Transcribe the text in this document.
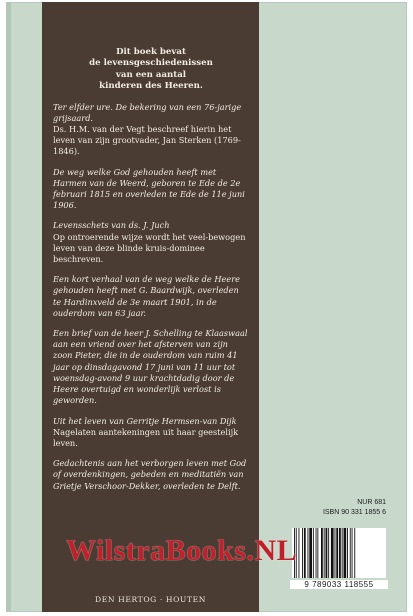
Dit boek bevat
de levensgeschiedenissen
van een aantal
kinderen des Heeren.
Ter elfder ure. De bekering van een 76-jarige grijsaard.
Ds. H.M. van der Vegt beschreef hierin het leven van zijn grootvader, Jan Sterken (1769-1846).
De weg welke God gehouden heeft met Harmen van de Weerd, geboren te Ede de 2e februari 1815 en overleden te Ede de 11e juni 1906.
Levensschets van ds. J. Juch
Op ontroerende wijze wordt het veel-bewogen leven van deze blinde kruis-dominee beschreven.
Een kort verhaal van de weg welke de Heere gehouden heeft met G. Baardwijk, overleden te Hardinxveld de 3e maart 1901, in de ouderdom van 63 jaar.
Een brief van de heer J. Schelling te Klaaswaal aan een vriend over het afsterven van zijn zoon Pieter, die in de ouderdom van ruim 41 jaar op dinsdagavond 17 juni van 11 uur tot woensdag-avond 9 uur krachtdadig door de Heere overtuigd en wonderlijk verlost is geworden.
Uit het leven van Gerritje Hermsen-van Dijk
Nagelaten aantekeningen uit haar geestelijk leven.
Gedachtenis aan het verborgen leven met God of overdenkingen, gebeden en meditatiën van Grietje Verschoor-Dekker, overleden te Delft.
DEN HERTOG · HOUTEN
NUR 681
ISBN 90 331 1855 6
9 789033 118555
WilstraBooks.NL
